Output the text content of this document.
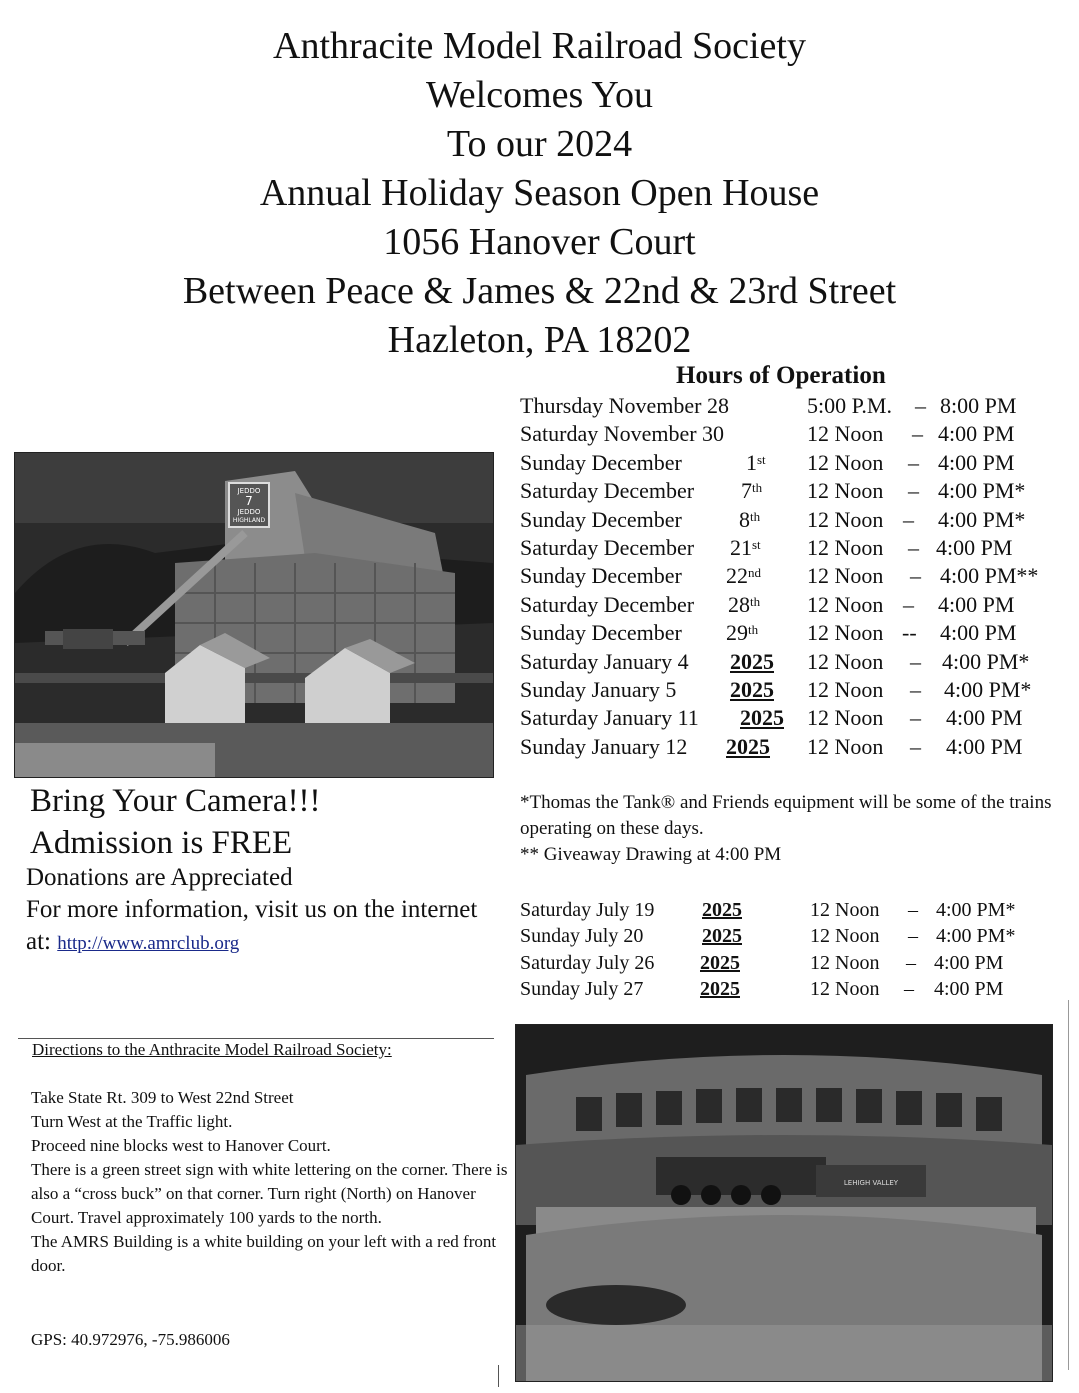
Anthracite Model Railroad Society
Welcomes You
To our 2024
Annual Holiday Season Open House
1056 Hanover Court
Between Peace & James & 22nd & 23rd Street
Hazleton, PA 18202
Hours of Operation
Thursday November 28	5:00 P.M. – 8:00 PM
Saturday November 30	12 Noon – 4:00 PM
Sunday December	1st 12 Noon – 4:00 PM
Saturday December 7th 12 Noon – 4:00 PM*
Sunday December	8th 12 Noon – 4:00 PM*
Saturday December 21st 12 Noon – 4:00 PM
Sunday December 22nd 12 Noon – 4:00 PM**
Saturday December 28th 12 Noon – 4:00 PM
Sunday December 29th 12 Noon -- 4:00 PM
Saturday January 4 2025 12 Noon – 4:00 PM*
Sunday January 5 2025 12 Noon – 4:00 PM*
Saturday January 11 2025 12 Noon – 4:00 PM
Sunday January 12 2025 12 Noon – 4:00 PM
Saturday July 19 2025	12 Noon – 4:00 PM*
Sunday July 20	2025	12 Noon – 4:00 PM*
Saturday July 26 2025	12 Noon – 4:00 PM
Sunday July 27	2025	12 Noon – 4:00 PM
JEDDO
7
JEDDO
HIGHLAND
Bring Your Camera!!!
Admission is FREE
Donations are Appreciated
For more information, visit us on the internet at: http://www.amrclub.org
*Thomas the Tank® and Friends equipment will be some of the trains operating on these days.
** Giveaway Drawing at 4:00 PM
Directions to the Anthracite Model Railroad Society:
Take State Rt. 309 to West 22nd Street
Turn West at the Traffic light.
Proceed nine blocks west to Hanover Court.
There is a green street sign with white lettering on the corner. There is also a “cross buck” on that corner. Turn right (North) on Hanover Court. Travel approximately 100 yards to the north.
The AMRS Building is a white building on your left with a red front door.
GPS: 40.972976, -75.986006
LEHIGH VALLEY
